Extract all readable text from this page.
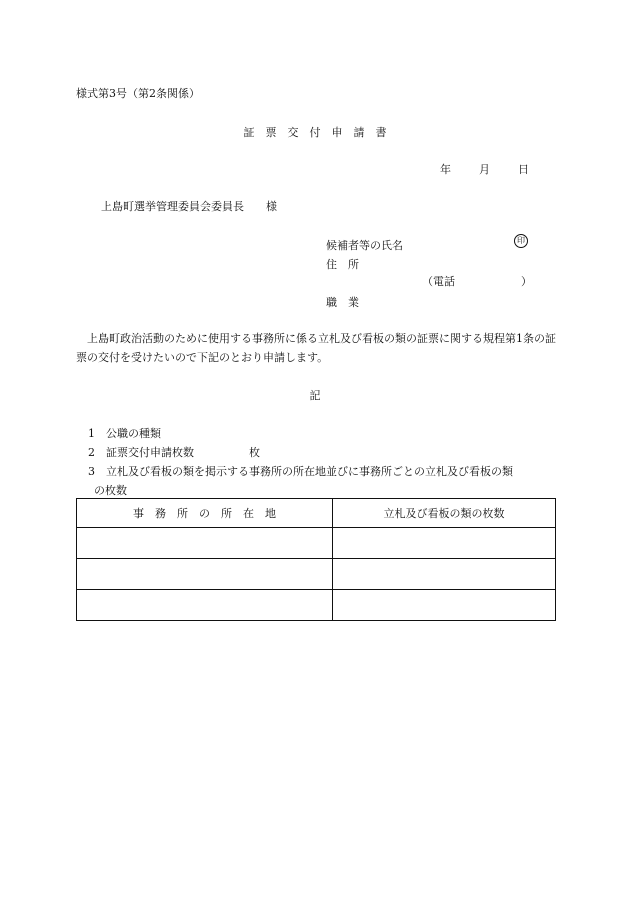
様式第3号（第2条関係）
証　票　交　付　申　請　書
年	月	日
上島町選挙管理委員会委員長　　様
候補者等の氏名
住　所
職　業
印
（電話　　　　　　）
上島町政治活動のために使用する事務所に係る立札及び看板の類の証票に関する規程第1条の証票の交付を受けたいので下記のとおり申請します。
記
1　公職の種類
2　証票交付申請枚数　　　　　枚
3　立札及び看板の類を掲示する事務所の所在地並びに事務所ごとの立札及び看板の類
の枚数
事　務　所　の　所　在　地	立札及び看板の類の枚数
